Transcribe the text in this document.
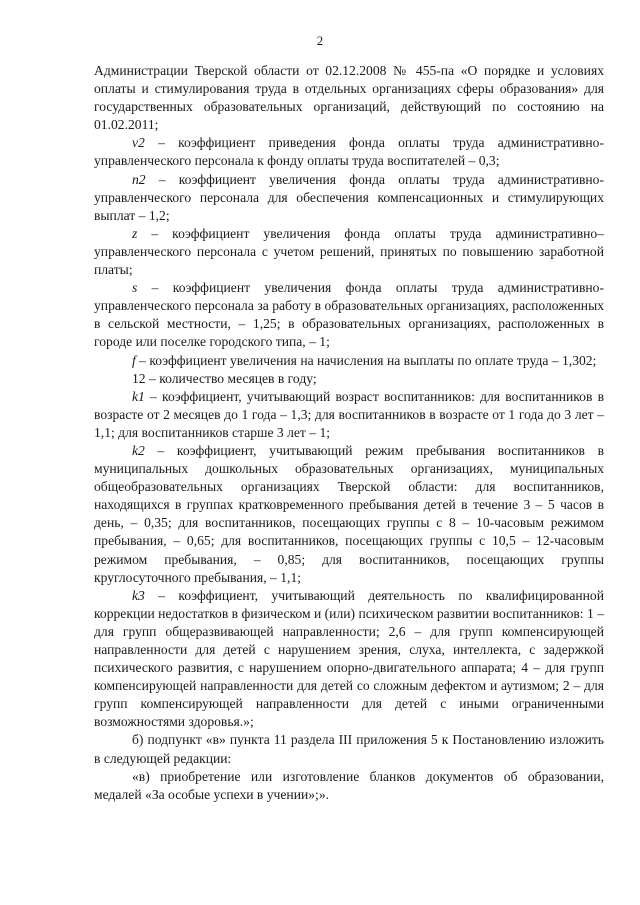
2

Администрации Тверской области от 02.12.2008 № 455-па «О порядке и условиях оплаты и стимулирования труда в отдельных организациях сферы образования» для государственных образовательных организаций, действующий по состоянию на 01.02.2011;

v2 – коэффициент приведения фонда оплаты труда административно-управленческого персонала к фонду оплаты труда воспитателей – 0,3;

n2 – коэффициент увеличения фонда оплаты труда административно-управленческого персонала для обеспечения компенсационных и стимулирующих выплат – 1,2;

z – коэффициент увеличения фонда оплаты труда административно–управленческого персонала с учетом решений, принятых по повышению заработной платы;

s – коэффициент увеличения фонда оплаты труда административно-управленческого персонала за работу в образовательных организациях, расположенных в сельской местности, – 1,25; в образовательных организациях, расположенных в городе или поселке городского типа, – 1;

f – коэффициент увеличения на начисления на выплаты по оплате труда – 1,302;

12 – количество месяцев в году;

k1 – коэффициент, учитывающий возраст воспитанников: для воспитанников в возрасте от 2 месяцев до 1 года – 1,3; для воспитанников в возрасте от 1 года до 3 лет – 1,1; для воспитанников старше 3 лет – 1;

k2 – коэффициент, учитывающий режим пребывания воспитанников в муниципальных дошкольных образовательных организациях, муниципальных общеобразовательных организациях Тверской области: для воспитанников, находящихся в группах кратковременного пребывания детей в течение 3 – 5 часов в день, – 0,35; для воспитанников, посещающих группы с 8 – 10-часовым режимом пребывания, – 0,65; для воспитанников, посещающих группы с 10,5 – 12-часовым режимом пребывания, – 0,85; для воспитанников, посещающих группы круглосуточного пребывания, – 1,1;

k3 – коэффициент, учитывающий деятельность по квалифицированной коррекции недостатков в физическом и (или) психическом развитии воспитанников: 1 – для групп общеразвивающей направленности; 2,6 – для групп компенсирующей направленности для детей с нарушением зрения, слуха, интеллекта, с задержкой психического развития, с нарушением опорно-двигательного аппарата; 4 – для групп компенсирующей направленности для детей со сложным дефектом и аутизмом; 2 – для групп компенсирующей направленности для детей с иными ограниченными возможностями здоровья.»;

б) подпункт «в» пункта 11 раздела III приложения 5 к Постановлению изложить в следующей редакции:

«в) приобретение или изготовление бланков документов об образовании, медалей «За особые успехи в учении»;».
